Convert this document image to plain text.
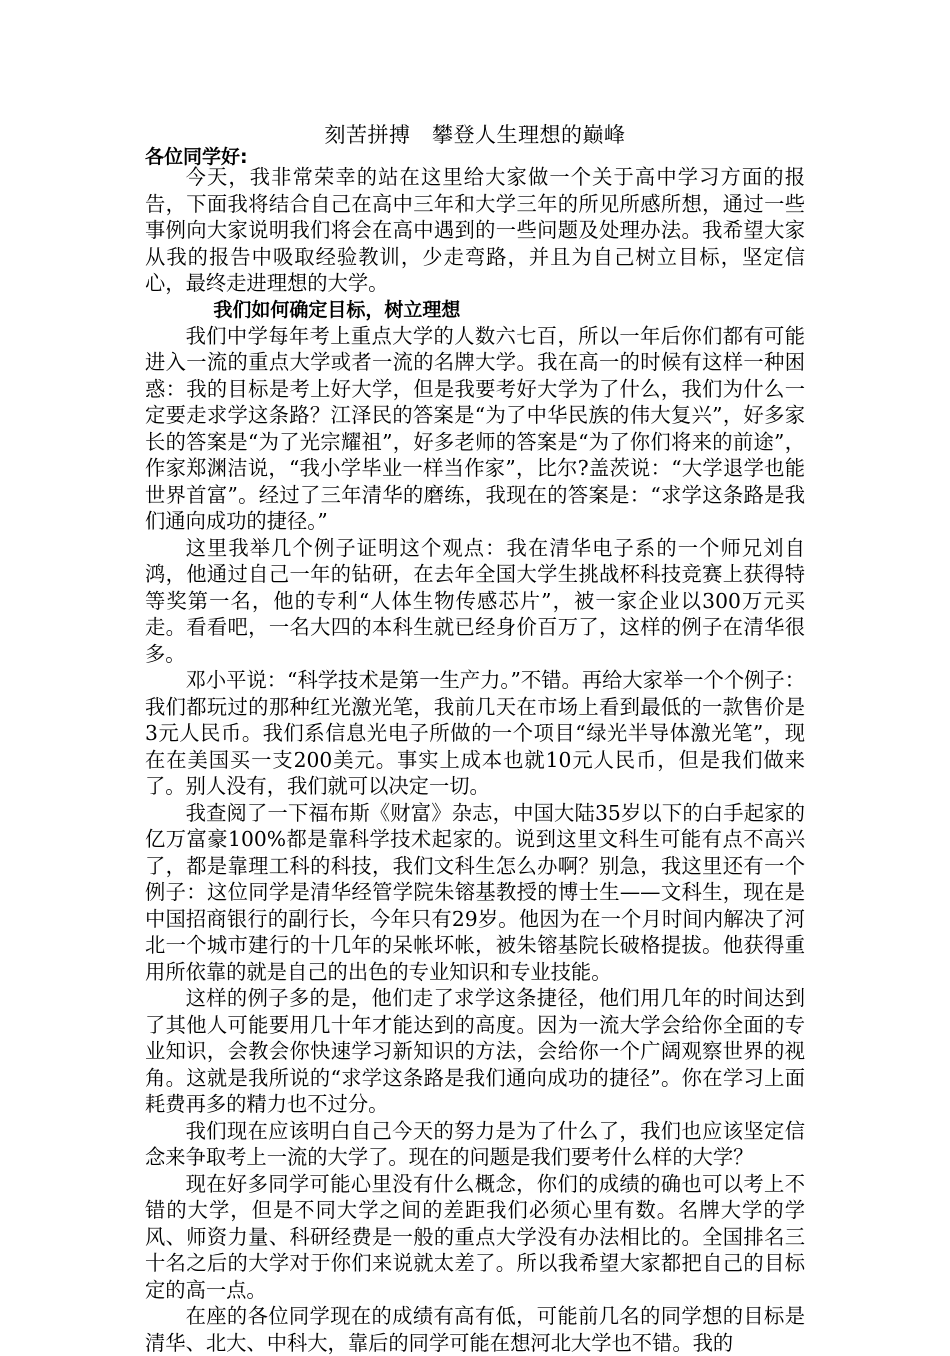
刻苦拼搏　攀登人生理想的巅峰
各位同学好:

今天，我非常荣幸的站在这里给大家做一个关于高中学习方面的报告，下面我将结合自己在高中三年和大学三年的所见所感所想，通过一些事例向大家说明我们将会在高中遇到的一些问题及处理办法。我希望大家从我的报告中吸取经验教训，少走弯路，并且为自己树立目标，坚定信心，最终走进理想的大学。

我们如何确定目标，树立理想

我们中学每年考上重点大学的人数六七百，所以一年后你们都有可能进入一流的重点大学或者一流的名牌大学。我在高一的时候有这样一种困惑：我的目标是考上好大学，但是我要考好大学为了什么，我们为什么一定要走求学这条路？江泽民的答案是“为了中华民族的伟大复兴”，好多家长的答案是“为了光宗耀祖”，好多老师的答案是“为了你们将来的前途”，作家郑渊洁说，“我小学毕业一样当作家”，比尔?盖茨说：“大学退学也能世界首富”。经过了三年清华的磨练，我现在的答案是：“求学这条路是我们通向成功的捷径。”

这里我举几个例子证明这个观点：我在清华电子系的一个师兄刘自鸿，他通过自己一年的钻研，在去年全国大学生挑战杯科技竞赛上获得特等奖第一名，他的专利“人体生物传感芯片”，被一家企业以300万元买走。看看吧，一名大四的本科生就已经身价百万了，这样的例子在清华很多。

邓小平说：“科学技术是第一生产力。”不错。再给大家举一个个例子：我们都玩过的那种红光激光笔，我前几天在市场上看到最低的一款售价是3元人民币。我们系信息光电子所做的一个项目“绿光半导体激光笔”，现在在美国买一支200美元。事实上成本也就10元人民币，但是我们做来了。别人没有，我们就可以决定一切。

我查阅了一下福布斯《财富》杂志，中国大陆35岁以下的白手起家的亿万富豪100%都是靠科学技术起家的。说到这里文科生可能有点不高兴了，都是靠理工科的科技，我们文科生怎么办啊？别急，我这里还有一个例子：这位同学是清华经管学院朱镕基教授的博士生——文科生，现在是中国招商银行的副行长，今年只有29岁。他因为在一个月时间内解决了河北一个城市建行的十几年的呆帐坏帐，被朱镕基院长破格提拔。他获得重用所依靠的就是自己的出色的专业知识和专业技能。

这样的例子多的是，他们走了求学这条捷径，他们用几年的时间达到了其他人可能要用几十年才能达到的高度。因为一流大学会给你全面的专业知识，会教会你快速学习新知识的方法，会给你一个广阔观察世界的视角。这就是我所说的“求学这条路是我们通向成功的捷径”。你在学习上面耗费再多的精力也不过分。

我们现在应该明白自己今天的努力是为了什么了，我们也应该坚定信念来争取考上一流的大学了。现在的问题是我们要考什么样的大学？

现在好多同学可能心里没有什么概念，你们的成绩的确也可以考上不错的大学，但是不同大学之间的差距我们必须心里有数。名牌大学的学风、师资力量、科研经费是一般的重点大学没有办法相比的。全国排名三十名之后的大学对于你们来说就太差了。所以我希望大家都把自己的目标定的高一点。

在座的各位同学现在的成绩有高有低，可能前几名的同学想的目标是清华、北大、中科大，靠后的同学可能在想河北大学也不错。我的
